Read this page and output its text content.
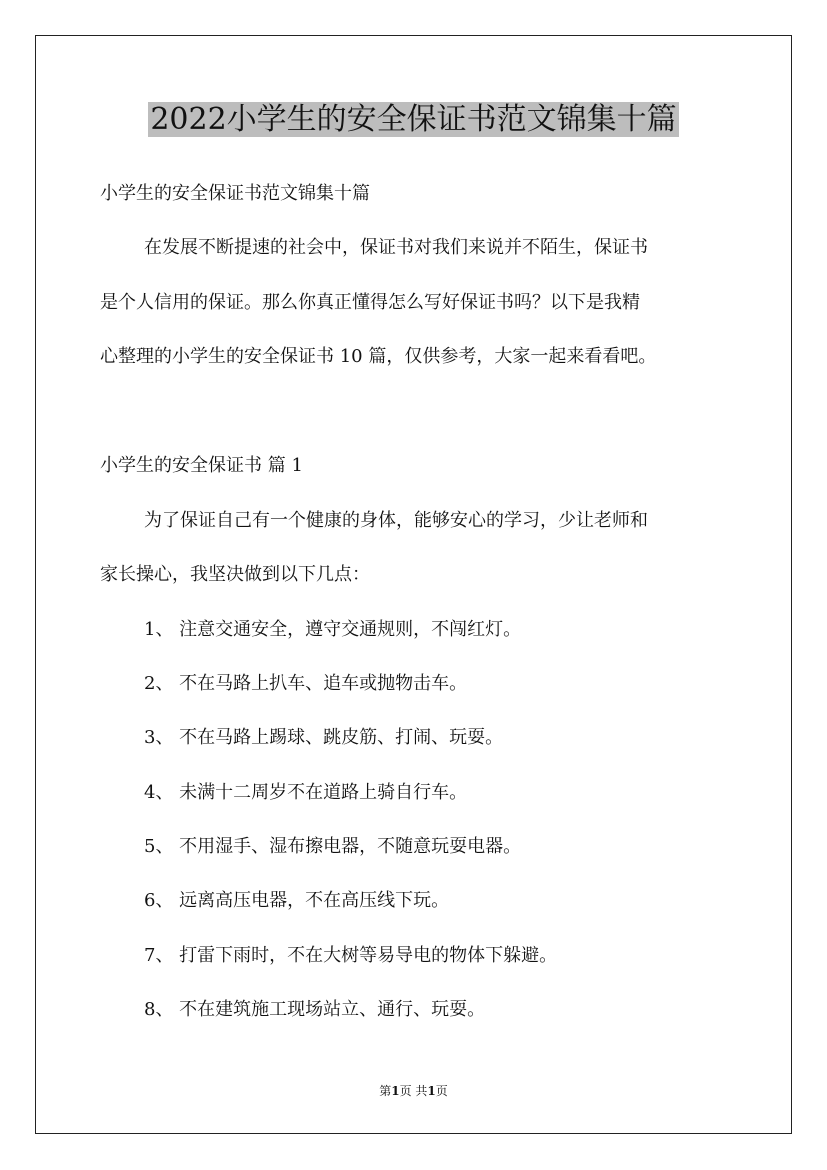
2022小学生的安全保证书范文锦集十篇

小学生的安全保证书范文锦集十篇

在发展不断提速的社会中，保证书对我们来说并不陌生，保证书

是个人信用的保证。那么你真正懂得怎么写好保证书吗？以下是我精

心整理的小学生的安全保证书 10 篇，仅供参考，大家一起来看看吧。

小学生的安全保证书 篇 1

为了保证自己有一个健康的身体，能够安心的学习，少让老师和

家长操心，我坚决做到以下几点：

1、 注意交通安全，遵守交通规则，不闯红灯。

2、 不在马路上扒车、追车或抛物击车。

3、 不在马路上踢球、跳皮筋、打闹、玩耍。

4、 未满十二周岁不在道路上骑自行车。

5、 不用湿手、湿布擦电器，不随意玩耍电器。

6、 远离高压电器，不在高压线下玩。

7、 打雷下雨时，不在大树等易导电的物体下躲避。

8、 不在建筑施工现场站立、通行、玩耍。

第1页 共1页
